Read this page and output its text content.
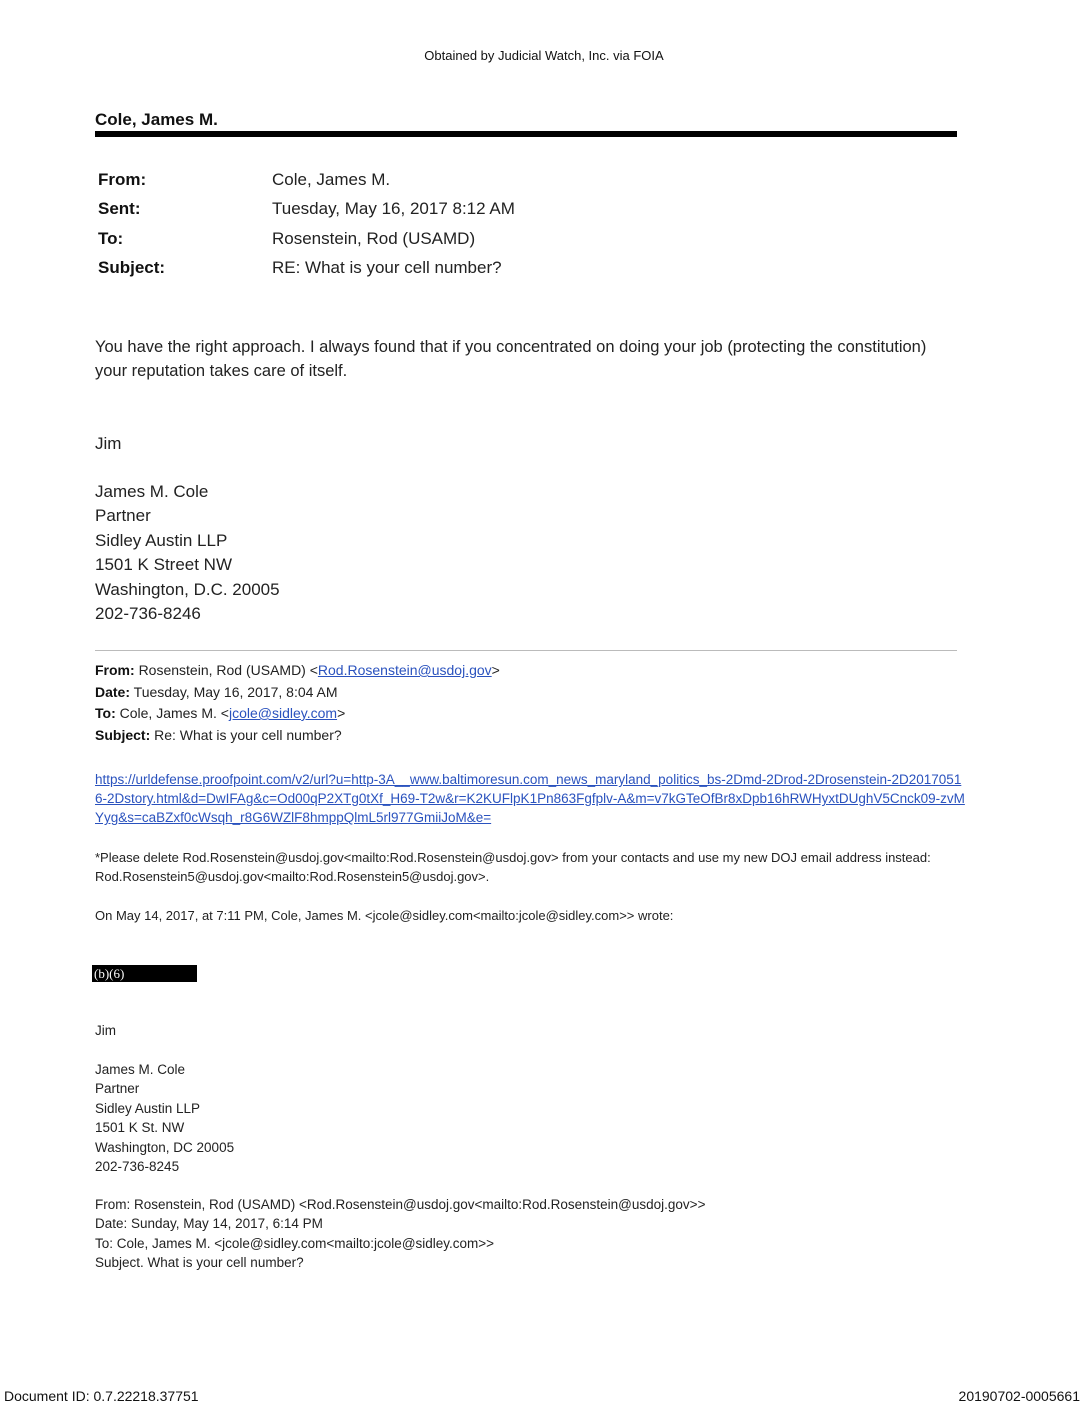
Obtained by Judicial Watch, Inc. via FOIA
Cole, James M.
From:	Cole, James M.
Sent:	Tuesday, May 16, 2017 8:12 AM
To:	Rosenstein, Rod (USAMD)
Subject:	RE: What is your cell number?
You have the right approach. I always found that if you concentrated on doing your job (protecting the constitution) your reputation takes care of itself.
Jim
James M. Cole
Partner
Sidley Austin LLP
1501 K Street NW
Washington, D.C. 20005
202-736-8246
From: Rosenstein, Rod (USAMD) <Rod.Rosenstein@usdoj.gov>
Date: Tuesday, May 16, 2017, 8:04 AM
To: Cole, James M. <jcole@sidley.com>
Subject: Re: What is your cell number?
https://urldefense.proofpoint.com/v2/url?u=http-3A__www.baltimoresun.com_news_maryland_politics_bs-2Dmd-2Drod-2Drosenstein-2D20170516-2Dstory.html&d=DwIFAg&c=Od00qP2XTg0tXf_H69-T2w&r=K2KUFlpK1Pn863Fgfplv-A&m=v7kGTeOfBr8xDpb16hRWHyxtDUghV5Cnck09-zvMYyg&s=caBZxf0cWsqh_r8G6WZlF8hmppQlmL5rl977GmiiJoM&e=
*Please delete Rod.Rosenstein@usdoj.gov<mailto:Rod.Rosenstein@usdoj.gov> from your contacts and use my new DOJ email address instead: Rod.Rosenstein5@usdoj.gov<mailto:Rod.Rosenstein5@usdoj.gov>.
On May 14, 2017, at 7:11 PM, Cole, James M. <jcole@sidley.com<mailto:jcole@sidley.com>> wrote:
(b)(6)
Jim
James M. Cole
Partner
Sidley Austin LLP
1501 K St. NW
Washington, DC 20005
202-736-8245
From: Rosenstein, Rod (USAMD) <Rod.Rosenstein@usdoj.gov<mailto:Rod.Rosenstein@usdoj.gov>>
Date: Sunday, May 14, 2017, 6:14 PM
To: Cole, James M. <jcole@sidley.com<mailto:jcole@sidley.com>>
Subject. What is your cell number?
Document ID: 0.7.22218.37751	20190702-0005661
